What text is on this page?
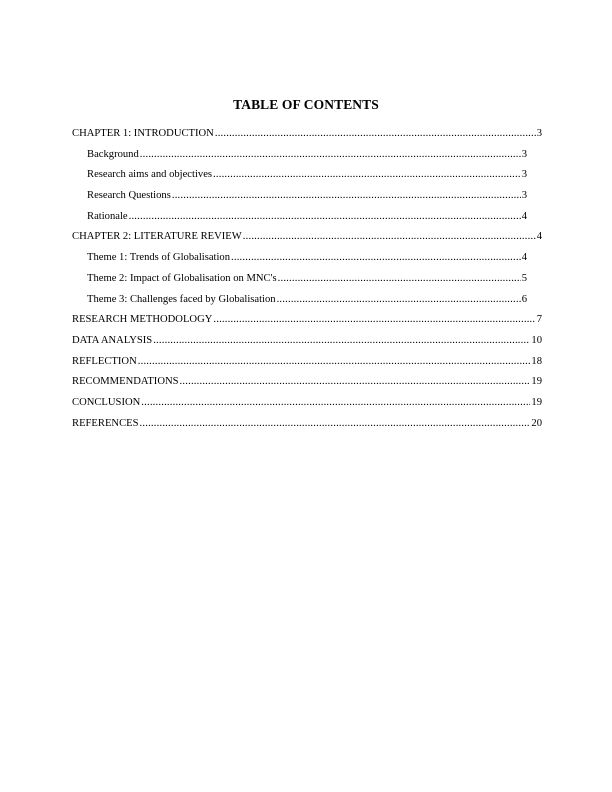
TABLE OF CONTENTS
CHAPTER 1: INTRODUCTION .....	3
Background .....	3
Research aims and objectives .....	3
Research Questions .....	3
Rationale .....	4
CHAPTER 2: LITERATURE REVIEW .....	4
Theme 1: Trends of Globalisation .....	4
Theme 2: Impact of Globalisation on MNC's .....	5
Theme 3: Challenges faced by Globalisation .....	6
RESEARCH METHODOLOGY .....	7
DATA ANALYSIS .....	10
REFLECTION .....	18
RECOMMENDATIONS .....	19
CONCLUSION .....	19
REFERENCES .....	20
